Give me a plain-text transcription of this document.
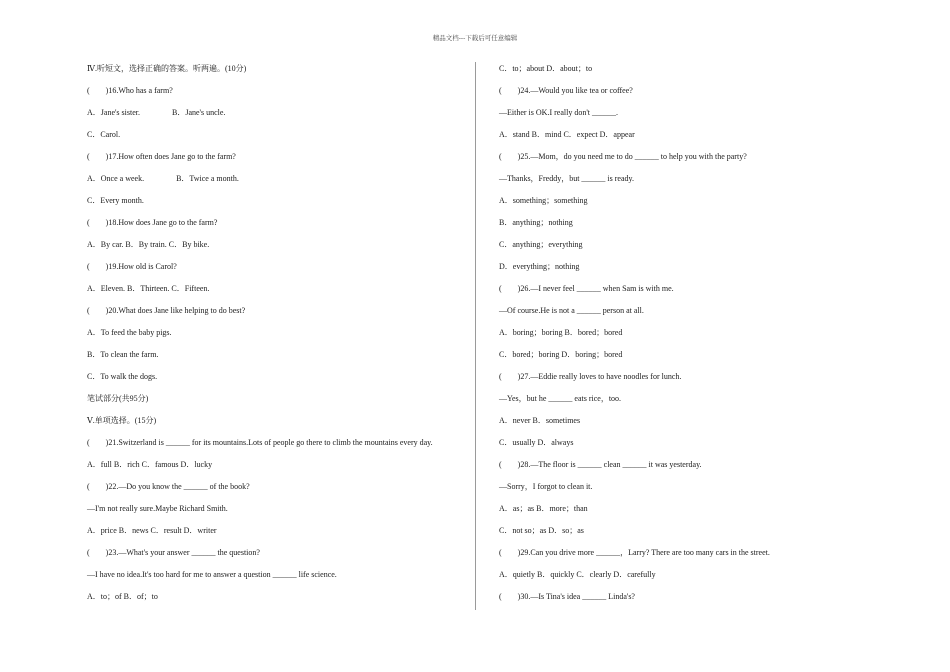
精品文档---下载后可任意编辑
Ⅳ.听短文，选择正确的答案。听两遍。(10分)
(　　)16.Who has a farm?
A．Jane's sister.　　　　B．Jane's uncle.
C．Carol.
(　　)17.How often does Jane go to the farm?
A．Once a week.　　　　B．Twice a month.
C．Every month.
(　　)18.How does Jane go to the farm?
A．By car. B．By train. C．By bike.
(　　)19.How old is Carol?
A．Eleven. B．Thirteen. C．Fifteen.
(　　)20.What does Jane like helping to do best?
A．To feed the baby pigs.
B．To clean the farm.
C．To walk the dogs.
笔试部分(共95分)
Ⅴ.单项选择。(15分)
(　　)21.Switzerland is ______ for its mountains.Lots of people go there to climb the mountains every day.
A．full B．rich C．famous D．lucky
(　　)22.—Do you know the ______ of the book?
—I'm not really sure.Maybe Richard Smith.
A．price B．news C．result D．writer
(　　)23.—What's your answer ______ the question?
—I have no idea.It's too hard for me to answer a question ______ life science.
A．to；of B．of；to
C．to；about D．about；to
(　　)24.—Would you like tea or coffee?
—Either is OK.I really don't ______.
A．stand B．mind C．expect D．appear
(　　)25.—Mom，do you need me to do ______ to help you with the party?
—Thanks，Freddy，but ______ is ready.
A．something；something
B．anything；nothing
C．anything；everything
D．everything；nothing
(　　)26.—I never feel ______ when Sam is with me.
—Of course.He is not a ______ person at all.
A．boring；boring B．bored；bored
C．bored；boring D．boring；bored
(　　)27.—Eddie really loves to have noodles for lunch.
—Yes，but he ______ eats rice，too.
A．never B．sometimes
C．usually D．always
(　　)28.—The floor is ______ clean ______ it was yesterday.
—Sorry，I forgot to clean it.
A．as；as B．more；than
C．not so；as D．so；as
(　　)29.Can you drive more ______，Larry? There are too many cars in the street.
A．quietly B．quickly C．clearly D．carefully
(　　)30.—Is Tina's idea ______ Linda's?
